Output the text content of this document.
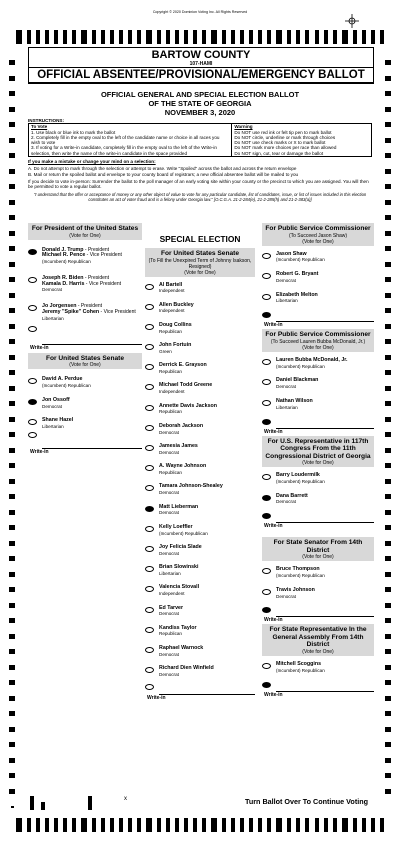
Copyright © 2020 Dominion Voting Inc. All Rights Reserved
BARTOW COUNTY
107-HAMI
OFFICIAL ABSENTEE/PROVISIONAL/EMERGENCY BALLOT
OFFICIAL GENERAL AND SPECIAL ELECTION BALLOT
OF THE STATE OF GEORGIA
NOVEMBER 3, 2020
INSTRUCTIONS:
To Vote
1. Use black or blue ink to mark the ballot
2. Completely fill in the empty oval to the left of the candidate name or choice in all races you wish to vote
3. If voting for a Write-in candidate, completely fill in the empty oval to the left of the Write-in selection, then write the name of the write-in candidate in the space provided
Warning
Do NOT use red ink or felt tip pen to mark ballot
Do NOT circle, underline or mark through choices
Do NOT use check marks or X to mark ballot
Do NOT mark more choices per race than allowed
Do NOT sign, cut, tear or damage the ballot

If you make a mistake or change your mind on a selection:

A. Do not attempt to mark through the selection or attempt to erase. Write "Spoiled" across the ballot and across the return envelope
B. Mail or return the spoiled ballot and envelope to your county board of registrars; a new official absentee ballot will be mailed to you

If you decide to vote in-person: Surrender the ballot to the poll manager of an early voting site within your county or the precinct to which you are assigned. You will then be permitted to vote a regular ballot.

"I understand that the offer or acceptance of money or any other object of value to vote for any particular candidate, list of candidates, issue, or list of issues included in this election constitutes an act of voter fraud and is a felony under Georgia law." [O.C.G.A. 21-2-284(e), 21-2-285(h) and 21-2-383(a)]

For President of the United States
(Vote for One)
Donald J. Trump - President
Michael R. Pence - Vice President
(Incumbent) Republican
Joseph R. Biden - President
Kamala D. Harris - Vice President
Democrat
Jo Jorgensen - President
Jeremy "Spike" Cohen - Vice President
Libertarian
Write-in
For United States Senate
(Vote for One)
David A. Perdue
(Incumbent) Republican
Jon Ossoff
Democrat
Shane Hazel
Libertarian
Write-in
SPECIAL ELECTION
For United States Senate
(To Fill the Unexpired Term of Johnny Isakson, Resigned)
(Vote for One)
Al Bartell
Independent
Allen Buckley
Independent
Doug Collins
Republican
John Fortuin
Green
Derrick E. Grayson
Republican
Michael Todd Greene
Independent
Annette Davis Jackson
Republican
Deborah Jackson
Democrat
Jamesia James
Democrat
A. Wayne Johnson
Republican
Tamara Johnson-Shealey
Democrat
Matt Lieberman
Democrat
Kelly Loeffler
(Incumbent) Republican
Joy Felicia Slade
Democrat
Brian Slowinski
Libertarian
Valencia Stovall
Independent
Ed Tarver
Democrat
Kandiss Taylor
Republican
Raphael Warnock
Democrat
Richard Dien Winfield
Democrat
Write-in
For Public Service Commissioner
(To Succeed Jason Shaw)
(Vote for One)
Jason Shaw
(Incumbent) Republican
Robert G. Bryant
Democrat
Elizabeth Melton
Libertarian
Write-in
For Public Service Commissioner
(To Succeed Lauren Bubba McDonald, Jr.)
(Vote for One)
Lauren Bubba McDonald, Jr.
(Incumbent) Republican
Daniel Blackman
Democrat
Nathan Wilson
Libertarian
Write-in
For U.S. Representative in 117th Congress From the 11th Congressional District of Georgia
(Vote for One)
Barry Loudermilk
(Incumbent) Republican
Dana Barrett
Democrat
Write-in
For State Senator From 14th District
(Vote for One)
Bruce Thompson
(Incumbent) Republican
Travis Johnson
Democrat
Write-in
For State Representative In the General Assembly From 14th District
(Vote for One)
Mitchell Scoggins
(Incumbent) Republican
Write-in
Turn Ballot Over To Continue Voting
x
